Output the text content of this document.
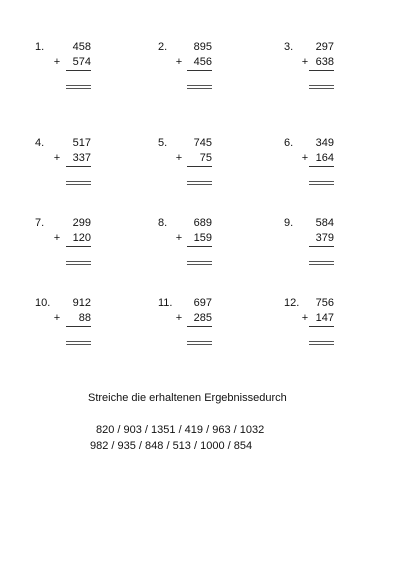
1.	458
+	574
2.	895
+	456
3.	297
+ 638
4.	517
+	337
5.	745
+	75
6.	349
+ 164
7.	299
+	120
8.	689
+	159
9.	584
379
10.	912
+	88
11.	697
+	285
12.	756
+ 147
Streiche die erhaltenen Ergebnissedurch
820 / 903 / 1351 / 419 / 963 / 1032
982 / 935 / 848 / 513 / 1000 / 854
